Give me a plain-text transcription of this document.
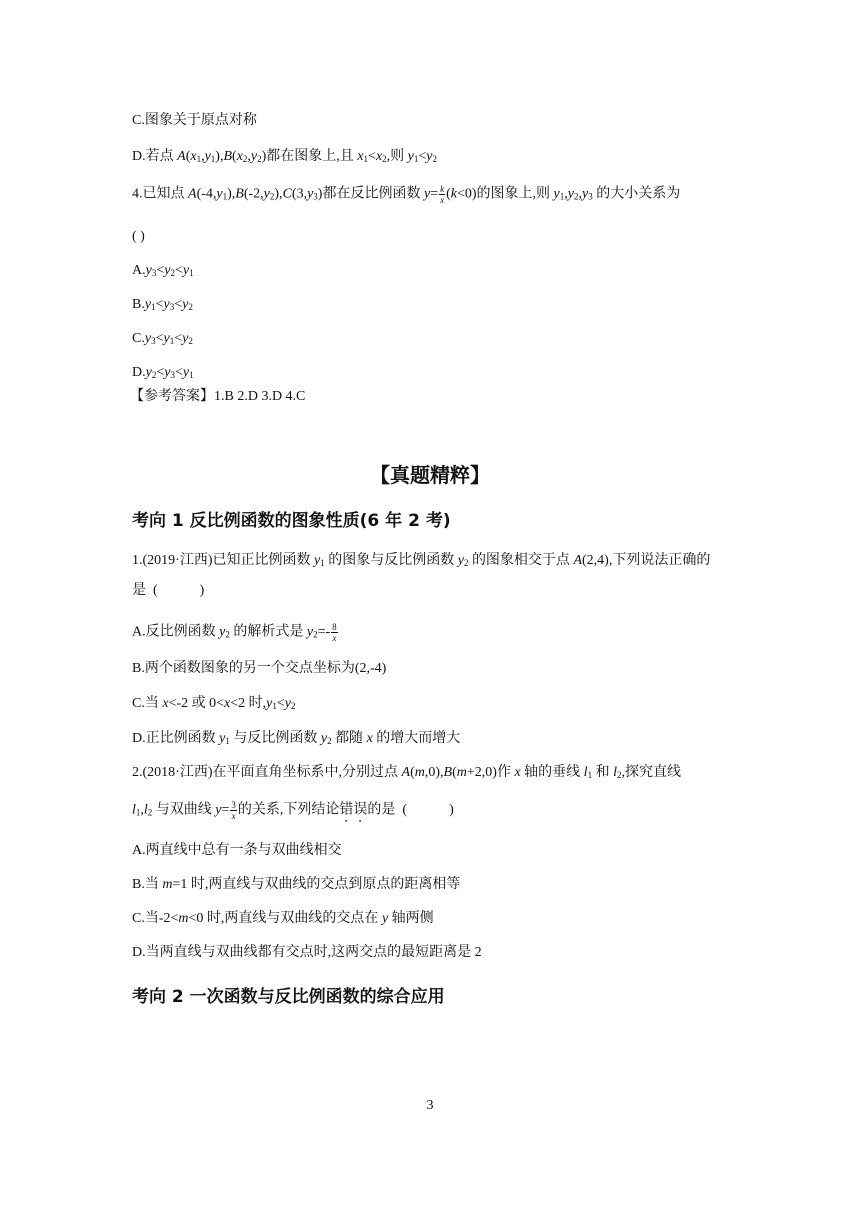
C.图象关于原点对称
D.若点 $A(x_1,y_1),B(x_2,y_2)$都在图象上,且 $x_1<x_2$,则 $y_1<y_2$
4.已知点 $A(-4,y_1),B(-2,y_2),C(3,y_3)$都在反比例函数 $y= \frac{k}{x} (k<0)$的图象上,则 $y_1,y_2,y_3$ 的大小关系为
( )
$A.y_3<y_2<y_1$
$B.y_1<y_3<y_2$
$C.y_3<y_1<y_2$
$D.y_2<y_3<y_1$
【参考答案】1.B 2.D 3.D 4.C
【真题精粹】
考向 1 反比例函数的图象性质(6 年 2 考)
1.(2019·江西)已知正比例函数 $y_1$ 的图象与反比例函数 $y_2$ 的图象相交于点 A(2,4),下列说法正确的是  (            )
A.反比例函数 $y_2$ 的解析式是 $y_2=- \frac{8}{x}$
B.两个函数图象的另一个交点坐标为(2,-4)
C.当 x<-2 或 0<x<2 时$,y_1<y_2$
D.正比例函数 $y_1$ 与反比例函数 $y_2$ 都随 x 的增大而增大
2.(2018·江西)在平面直角坐标系中,分别过点 A(m,0),B(m+2,0)作 x 轴的垂线 $l_1$ 和 $l_2$,探究直线
$l_1,l_2$ 与双曲线 $y= \frac{3}{x}$ 的关系,下列结论错误的是  (            )
A.两直线中总有一条与双曲线相交
B.当 m=1 时,两直线与双曲线的交点到原点的距离相等
C.当-2<m<0 时,两直线与双曲线的交点在 y 轴两侧
D.当两直线与双曲线都有交点时,这两交点的最短距离是 2
考向 2 一次函数与反比例函数的综合应用
3
